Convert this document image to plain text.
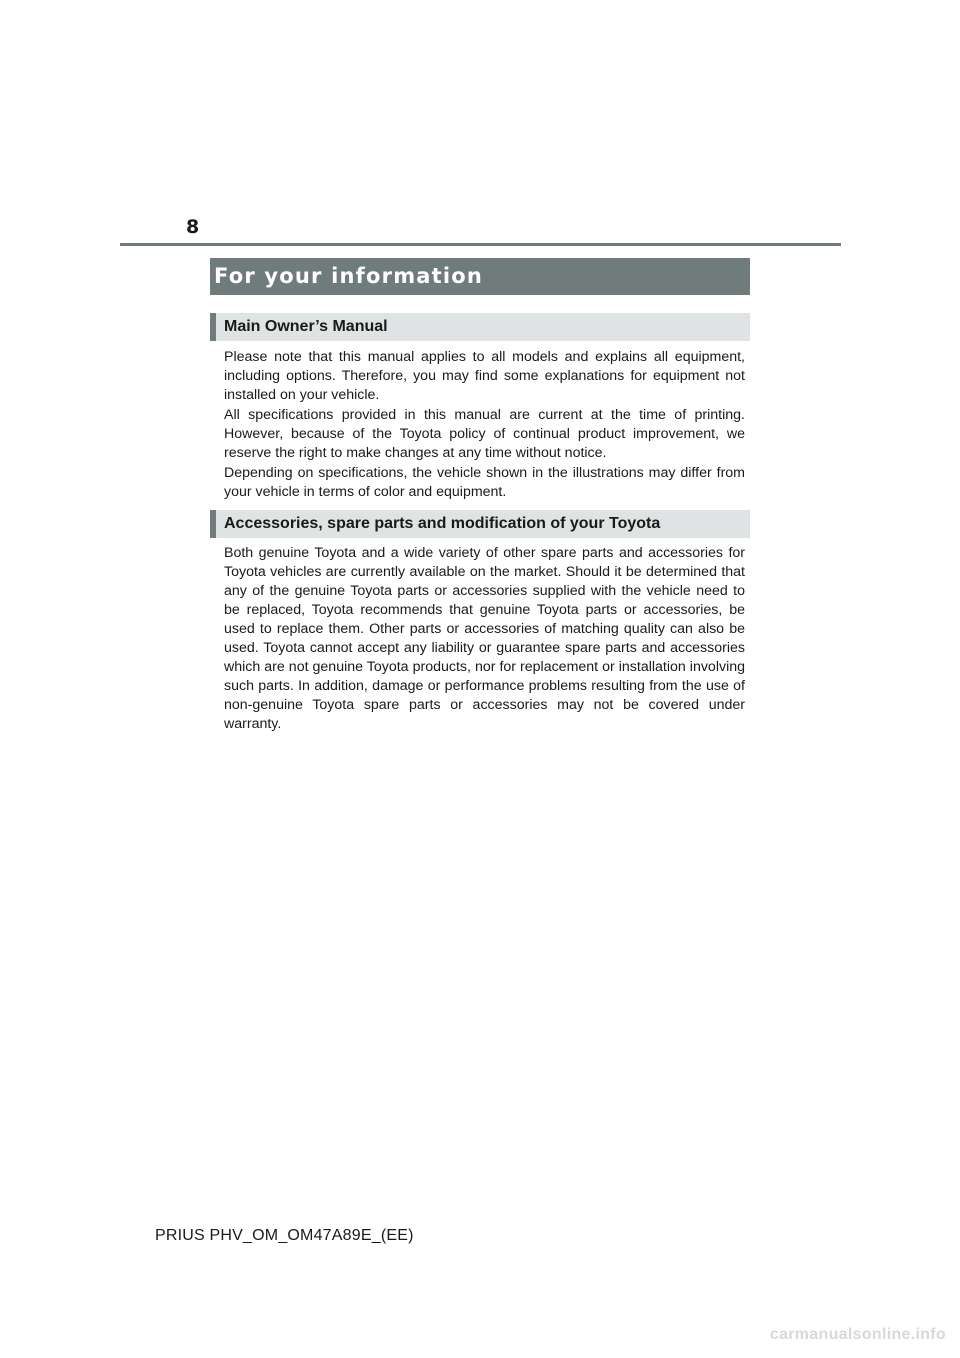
8
For your information
Main Owner’s Manual

Please note that this manual applies to all models and explains all equipment, including options. Therefore, you may find some explanations for equipment not installed on your vehicle.

All specifications provided in this manual are current at the time of printing. However, because of the Toyota policy of continual product improvement, we reserve the right to make changes at any time without notice.

Depending on specifications, the vehicle shown in the illustrations may differ from your vehicle in terms of color and equipment.

Accessories, spare parts and modification of your Toyota

Both genuine Toyota and a wide variety of other spare parts and accessories for Toyota vehicles are currently available on the market. Should it be determined that any of the genuine Toyota parts or accessories supplied with the vehicle need to be replaced, Toyota recommends that genuine Toyota parts or accessories, be used to replace them. Other parts or accessories of matching quality can also be used. Toyota cannot accept any liability or guarantee spare parts and accessories which are not genuine Toyota products, nor for replacement or installation involving such parts. In addition, damage or performance problems resulting from the use of non-genuine Toyota spare parts or accessories may not be covered under warranty.

PRIUS PHV_OM_OM47A89E_(EE)
carmanualsonline.info
